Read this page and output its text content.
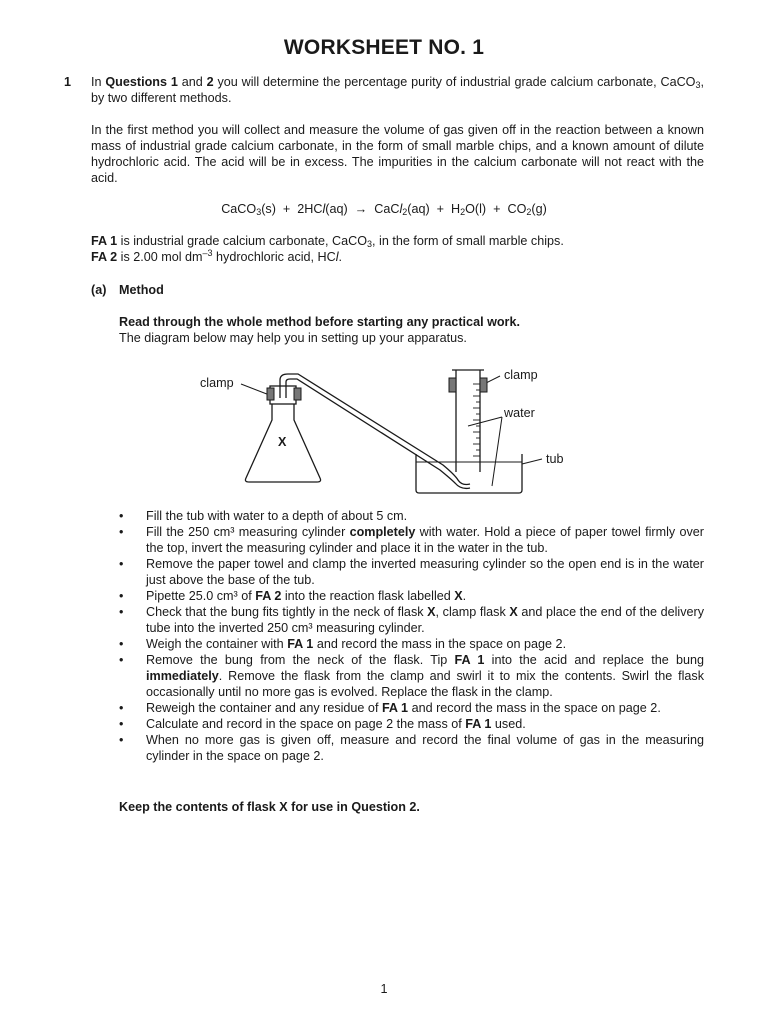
WORKSHEET NO. 1
1 In Questions 1 and 2 you will determine the percentage purity of industrial grade calcium carbonate, CaCO$_3$, by two different methods.

In the first method you will collect and measure the volume of gas given off in the reaction between a known mass of industrial grade calcium carbonate, in the form of small marble chips, and a known amount of dilute hydrochloric acid. The acid will be in excess. The impurities in the calcium carbonate will not react with the acid.

CaCO$_3$(s)  +  2HCl(aq)  →  CaCl$_2$(aq)  +  $H_2O(l) + CO_2(g)$
FA 1 is industrial grade calcium carbonate, CaCO$_3$, in the form of small marble chips.
FA 2 is 2.00 mol $dm^{-3}$ hydrochloric acid, HCl.
(a) Method
Read through the whole method before starting any practical work.
The diagram below may help you in setting up your apparatus.
clamp
X
clamp
water
tub
• Fill the tub with water to a depth of about 5 cm.
• Fill the 250 cm³ measuring cylinder completely with water. Hold a piece of paper towel firmly over the top, invert the measuring cylinder and place it in the water in the tub.
• Remove the paper towel and clamp the inverted measuring cylinder so the open end is in the water just above the base of the tub.
• Pipette 25.0 cm³ of FA 2 into the reaction flask labelled X.
• Check that the bung fits tightly in the neck of flask X, clamp flask X and place the end of the delivery tube into the inverted 250 cm³ measuring cylinder.
• Weigh the container with FA 1 and record the mass in the space on page 2.
• Remove the bung from the neck of the flask. Tip FA 1 into the acid and replace the bung immediately. Remove the flask from the clamp and swirl it to mix the contents. Swirl the flask occasionally until no more gas is evolved. Replace the flask in the clamp.
• Reweigh the container and any residue of FA 1 and record the mass in the space on page 2.
• Calculate and record in the space on page 2 the mass of FA 1 used.
• When no more gas is given off, measure and record the final volume of gas in the measuring cylinder in the space on page 2.
Keep the contents of flask X for use in Question 2.
1
